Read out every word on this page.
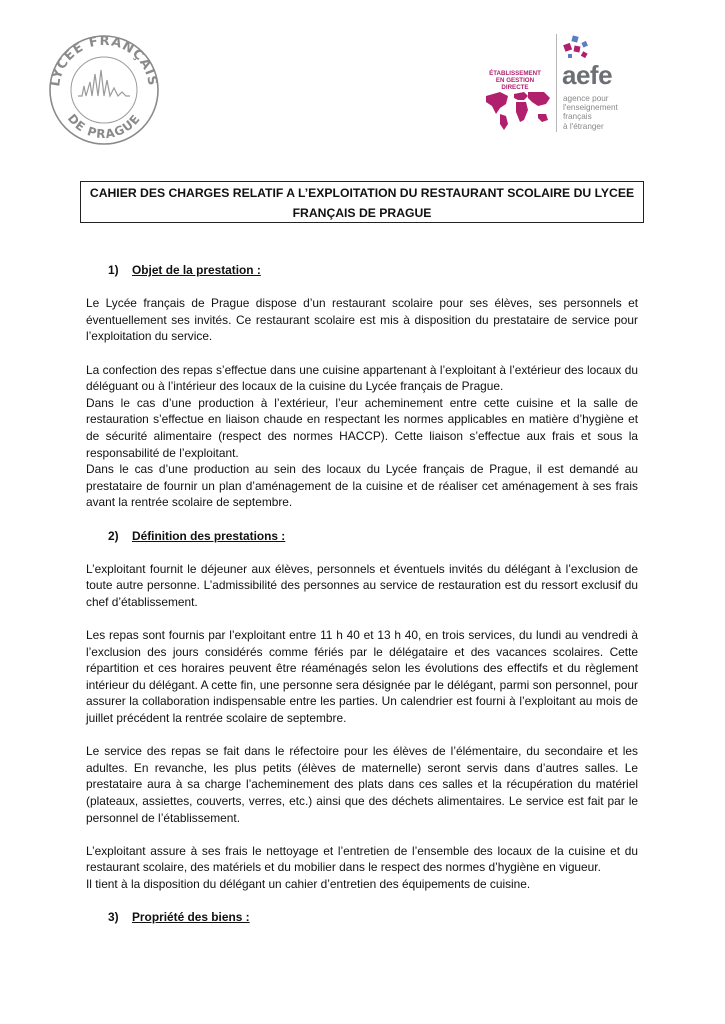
LYCEE FRANÇAIS
DE PRAGUE
ÉTABLISSEMENT
EN GESTION DIRECTE	aefe
agence pour
l'enseignement
français
à l'étranger
CAHIER DES CHARGES RELATIF A L’EXPLOITATION DU RESTAURANT SCOLAIRE DU LYCEE
FRANÇAIS DE PRAGUE
1) Objet de la prestation :

Le Lycée français de Prague dispose d’un restaurant scolaire pour ses élèves, ses personnels et éventuellement ses invités. Ce restaurant scolaire est mis à disposition du prestataire de service pour l’exploitation du service.

La confection des repas s’effectue dans une cuisine appartenant à l’exploitant à l’extérieur des locaux du déléguant ou à l’intérieur des locaux de la cuisine du Lycée français de Prague.

Dans le cas d’une production à l’extérieur, l’eur acheminement entre cette cuisine et la salle de restauration s’effectue en liaison chaude en respectant les normes applicables en matière d’hygiène et de sécurité alimentaire (respect des normes HACCP). Cette liaison s’effectue aux frais et sous la responsabilité de l’exploitant.

Dans le cas d’une production au sein des locaux du Lycée français de Prague, il est demandé au prestataire de fournir un plan d’aménagement de la cuisine et de réaliser cet aménagement à ses frais avant la rentrée scolaire de septembre.

2) Définition des prestations :

L’exploitant fournit le déjeuner aux élèves, personnels et éventuels invités du délégant à l’exclusion de toute autre personne. L’admissibilité des personnes au service de restauration est du ressort exclusif du chef d’établissement.

Les repas sont fournis par l’exploitant entre 11 h 40 et 13 h 40, en trois services, du lundi au vendredi à l’exclusion des jours considérés comme fériés par le délégataire et des vacances scolaires. Cette répartition et ces horaires peuvent être réaménagés selon les évolutions des effectifs et du règlement intérieur du délégant. A cette fin, une personne sera désignée par le délégant, parmi son personnel, pour assurer la collaboration indispensable entre les parties. Un calendrier est fourni à l’exploitant au mois de juillet précédent la rentrée scolaire de septembre.

Le service des repas se fait dans le réfectoire pour les élèves de l’élémentaire, du secondaire et les adultes. En revanche, les plus petits (élèves de maternelle) seront servis dans d’autres salles. Le prestataire aura à sa charge l’acheminement des plats dans ces salles et la récupération du matériel (plateaux, assiettes, couverts, verres, etc.) ainsi que des déchets alimentaires. Le service est fait par le personnel de l’établissement.

L’exploitant assure à ses frais le nettoyage et l’entretien de l’ensemble des locaux de la cuisine et du restaurant scolaire, des matériels et du mobilier dans le respect des normes d’hygiène en vigueur.

Il tient à la disposition du délégant un cahier d’entretien des équipements de cuisine.

3) Propriété des biens :
